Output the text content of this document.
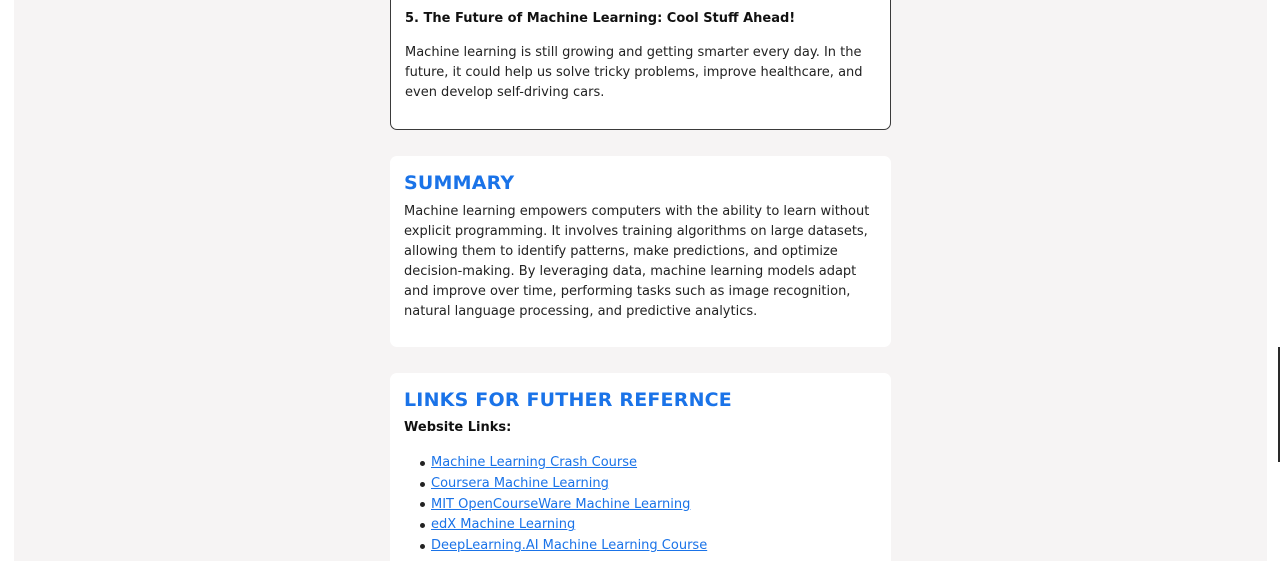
5. The Future of Machine Learning: Cool Stuff Ahead!

Machine learning is still growing and getting smarter every day. In the future, it could help us solve tricky problems, improve healthcare, and even develop self-driving cars.

SUMMARY

Machine learning empowers computers with the ability to learn without explicit programming. It involves training algorithms on large datasets, allowing them to identify patterns, make predictions, and optimize decision-making. By leveraging data, machine learning models adapt and improve over time, performing tasks such as image recognition, natural language processing, and predictive analytics.

LINKS FOR FUTHER REFERNCE

Website Links:

Machine Learning Crash Course
Coursera Machine Learning
MIT OpenCourseWare Machine Learning
edX Machine Learning
DeepLearning.AI Machine Learning Course
